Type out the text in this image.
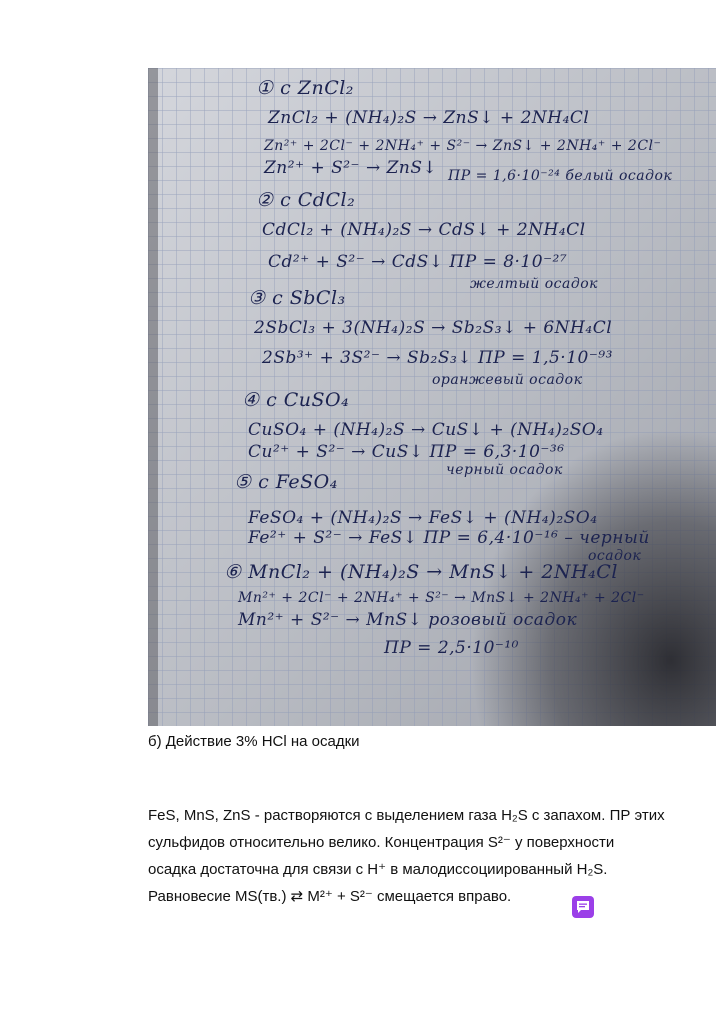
① c ZnCl₂

ZnCl₂ + (NH₄)₂S → ZnS↓ + 2NH₄Cl

Zn²⁺ + 2Cl⁻ + 2NH₄⁺ + S²⁻ → ZnS↓ + 2NH₄⁺ + 2Cl⁻

Zn²⁺ + S²⁻ → ZnS↓ ПР = 1,6·10⁻²⁴ белый осадок

② c CdCl₂

CdCl₂ + (NH₄)₂S → CdS↓ + 2NH₄Cl

Cd²⁺ + S²⁻ → CdS↓ ПР = 8·10⁻²⁷

желтый осадок

③ c SbCl₃

2SbCl₃ + 3(NH₄)₂S → Sb₂S₃↓ + 6NH₄Cl

2Sb³⁺ + 3S²⁻ → Sb₂S₃↓ ПР = 1,5·10⁻⁹³

оранжевый осадок

④ c CuSO₄

CuSO₄ + (NH₄)₂S → CuS↓ + (NH₄)₂SO₄

Cu²⁺ + S²⁻ → CuS↓ ПР = 6,3·10⁻³⁶

черный осадок

⑤ c FeSO₄

FeSO₄ + (NH₄)₂S → FeS↓ + (NH₄)₂SO₄

Fe²⁺ + S²⁻ → FeS↓ ПР = 6,4·10⁻¹⁶ – черный

осадок

⑥ MnCl₂ + (NH₄)₂S → MnS↓ + 2NH₄Cl

Mn²⁺ + 2Cl⁻ + 2NH₄⁺ + S²⁻ → MnS↓ + 2NH₄⁺ + 2Cl⁻

Mn²⁺ + S²⁻ → MnS↓ розовый осадок

ПР = 2,5·10⁻¹⁰

б) Действие 3% HCl на осадки

FeS, MnS, ZnS - растворяются с выделением газа H₂S с запахом. ПР этих

сульфидов относительно велико. Концентрация S²⁻ у поверхности

осадка достаточна для связи с H⁺ в малодиссоциированный H₂S.

Равновесие MS(тв.) ⇄ M²⁺ + S²⁻ смещается вправо.
